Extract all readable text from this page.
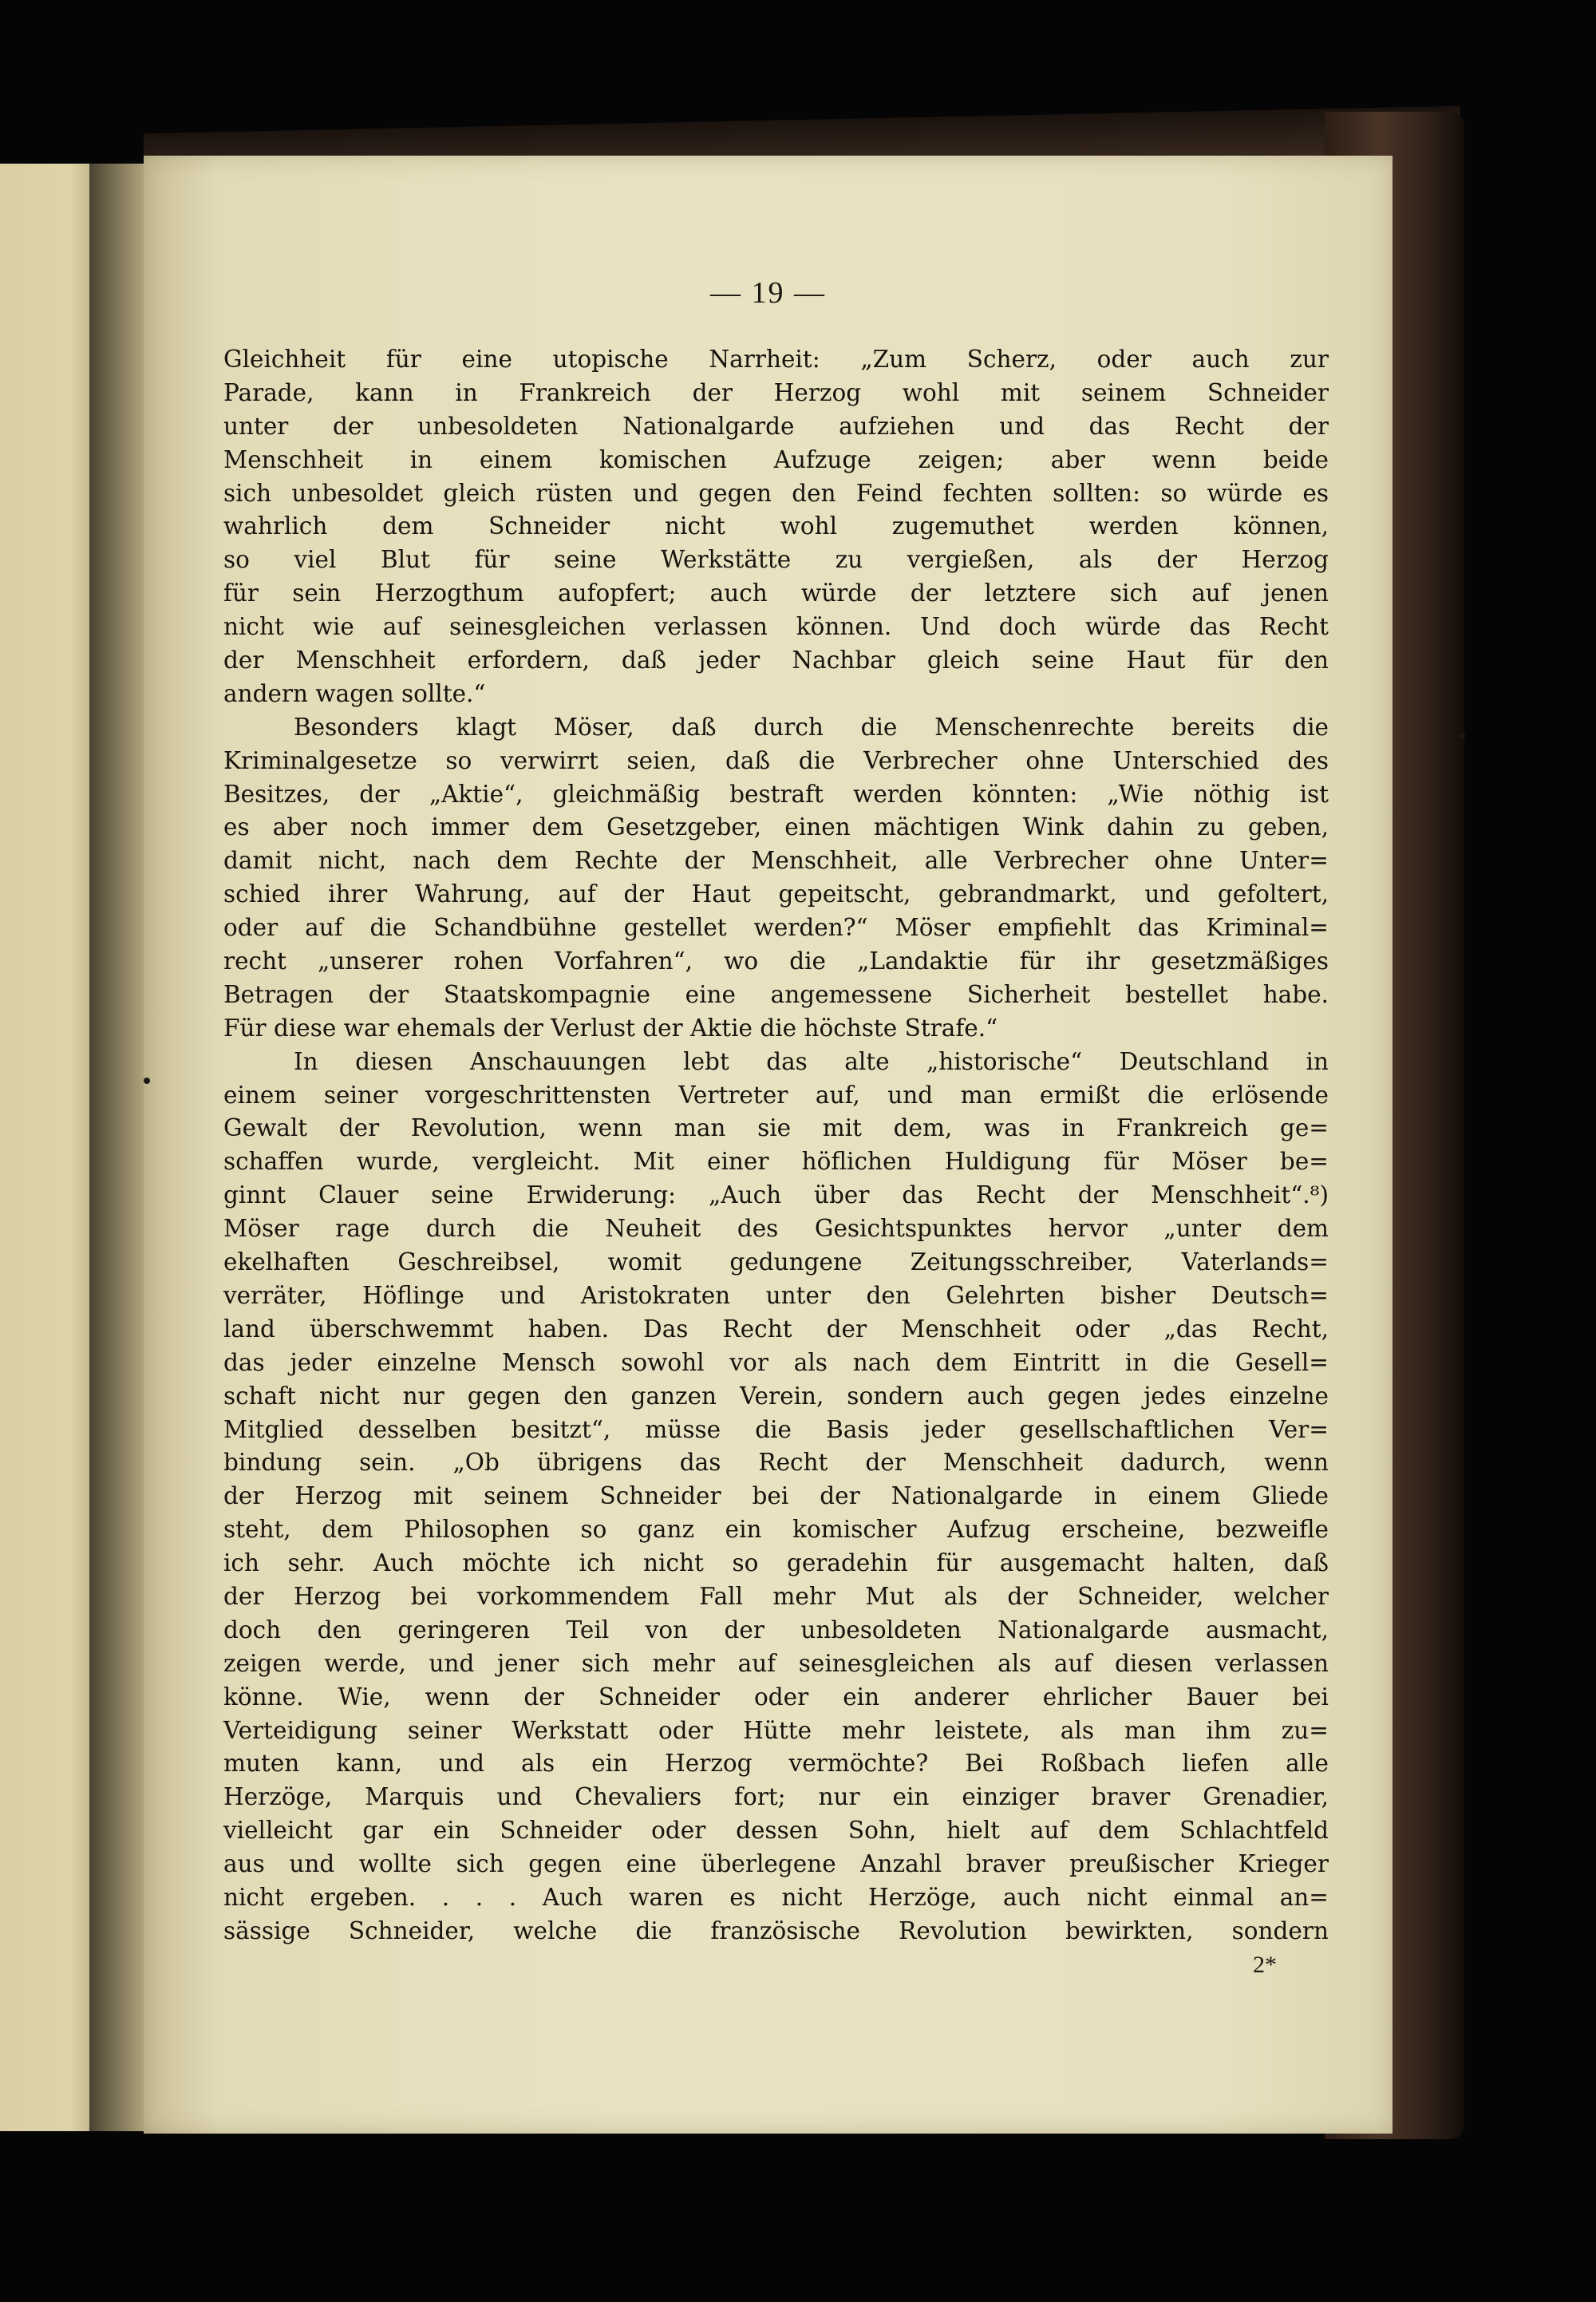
— 19 —
Gleichheit für eine utopische Narrheit: „Zum Scherz, oder auch zur
Parade, kann in Frankreich der Herzog wohl mit seinem Schneider
unter der unbesoldeten Nationalgarde aufziehen und das Recht der
Menschheit in einem komischen Aufzuge zeigen; aber wenn beide
sich unbesoldet gleich rüsten und gegen den Feind fechten sollten: so würde es
wahrlich dem Schneider nicht wohl zugemuthet werden können,
so viel Blut für seine Werkstätte zu vergießen, als der Herzog
für sein Herzogthum aufopfert; auch würde der letztere sich auf jenen
nicht wie auf seinesgleichen verlassen können. Und doch würde das Recht
der Menschheit erfordern, daß jeder Nachbar gleich seine Haut für den
andern wagen sollte.“
Besonders klagt Möser, daß durch die Menschenrechte bereits die
Kriminalgesetze so verwirrt seien, daß die Verbrecher ohne Unterschied des
Besitzes, der „Aktie“, gleichmäßig bestraft werden könnten: „Wie nöthig ist
es aber noch immer dem Gesetzgeber, einen mächtigen Wink dahin zu geben,
damit nicht, nach dem Rechte der Menschheit, alle Verbrecher ohne Unter=
schied ihrer Wahrung, auf der Haut gepeitscht, gebrandmarkt, und gefoltert,
oder auf die Schandbühne gestellet werden?“ Möser empfiehlt das Kriminal=
recht „unserer rohen Vorfahren“, wo die „Landaktie für ihr gesetzmäßiges
Betragen der Staatskompagnie eine angemessene Sicherheit bestellet habe.
Für diese war ehemals der Verlust der Aktie die höchste Strafe.“
In diesen Anschauungen lebt das alte „historische“ Deutschland in
einem seiner vorgeschrittensten Vertreter auf, und man ermißt die erlösende
Gewalt der Revolution, wenn man sie mit dem, was in Frankreich ge=
schaffen wurde, vergleicht. Mit einer höflichen Huldigung für Möser be=
ginnt Clauer seine Erwiderung: „Auch über das Recht der Menschheit“.⁸)
Möser rage durch die Neuheit des Gesichtspunktes hervor „unter dem
ekelhaften Geschreibsel, womit gedungene Zeitungsschreiber, Vaterlands=
verräter, Höflinge und Aristokraten unter den Gelehrten bisher Deutsch=
land überschwemmt haben. Das Recht der Menschheit oder „das Recht,
das jeder einzelne Mensch sowohl vor als nach dem Eintritt in die Gesell=
schaft nicht nur gegen den ganzen Verein, sondern auch gegen jedes einzelne
Mitglied desselben besitzt“, müsse die Basis jeder gesellschaftlichen Ver=
bindung sein. „Ob übrigens das Recht der Menschheit dadurch, wenn
der Herzog mit seinem Schneider bei der Nationalgarde in einem Gliede
steht, dem Philosophen so ganz ein komischer Aufzug erscheine, bezweifle
ich sehr. Auch möchte ich nicht so geradehin für ausgemacht halten, daß
der Herzog bei vorkommendem Fall mehr Mut als der Schneider, welcher
doch den geringeren Teil von der unbesoldeten Nationalgarde ausmacht,
zeigen werde, und jener sich mehr auf seinesgleichen als auf diesen verlassen
könne. Wie, wenn der Schneider oder ein anderer ehrlicher Bauer bei
Verteidigung seiner Werkstatt oder Hütte mehr leistete, als man ihm zu=
muten kann, und als ein Herzog vermöchte? Bei Roßbach liefen alle
Herzöge, Marquis und Chevaliers fort; nur ein einziger braver Grenadier,
vielleicht gar ein Schneider oder dessen Sohn, hielt auf dem Schlachtfeld
aus und wollte sich gegen eine überlegene Anzahl braver preußischer Krieger
nicht ergeben. . . . Auch waren es nicht Herzöge, auch nicht einmal an=
sässige Schneider, welche die französische Revolution bewirkten, sondern
2*
